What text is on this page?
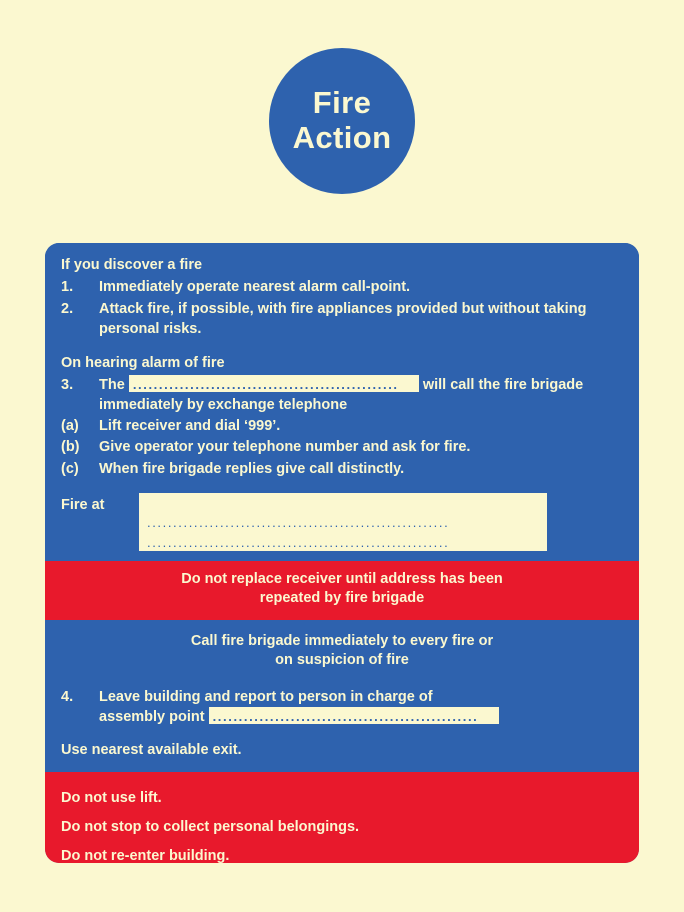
Fire
Action
If you discover a fire
1.	Immediately operate nearest alarm call-point.
2.	Attack fire, if possible, with fire appliances provided but without taking personal risks.
On hearing alarm of fire
3.	The ................................................... will call the fire brigade
immediately by exchange telephone
(a)	Lift receiver and dial ‘999’.
(b)	Give operator your telephone number and ask for fire.
(c)	When fire brigade replies give call distinctly.
Fire at
..........................................................
..........................................................
Do not replace receiver until address has been
repeated by fire brigade
Call fire brigade immediately to every fire or
on suspicion of fire
4.	Leave building and report to person in charge of
assembly point ...................................................
Use nearest available exit.

Do not use lift.

Do not stop to collect personal belongings.

Do not re-enter building.
